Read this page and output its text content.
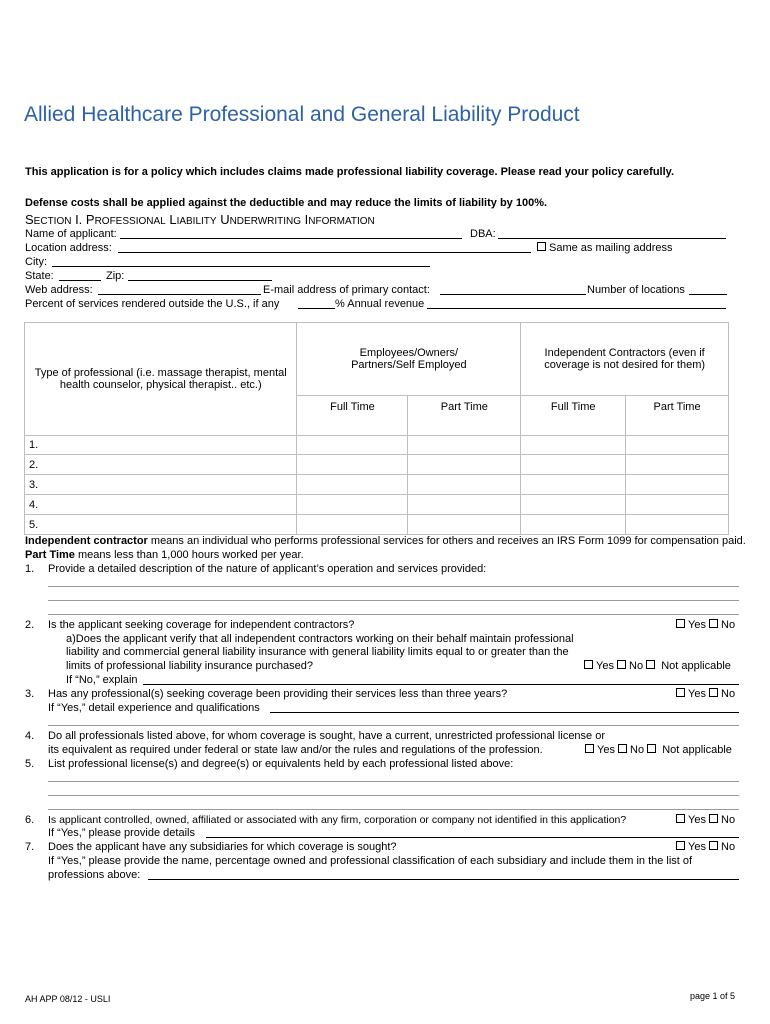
Allied Healthcare Professional and General Liability Product
This application is for a policy which includes claims made professional liability coverage. Please read your policy carefully.
Defense costs shall be applied against the deductible and may reduce the limits of liability by 100%.
SECTION I. PROFESSIONAL LIABILITY UNDERWRITING INFORMATION
Name of applicant:	DBA:
Location address:	Same as mailing address
City:
State:	Zip:
Web address:	E-mail address of primary contact:	Number of locations
Percent of services rendered outside the U.S., if any	% Annual revenue
Type of professional (i.e. massage therapist, mental health counselor, physical therapist.. etc.)	Employees/Owners/ Partners/Self Employed		Independent Contractors (even if coverage is not desired for them)	
	Full Time	Part Time	Full Time	Part Time
1.				
2.				
3.				
4.				
5.				
Independent contractor means an individual who performs professional services for others and receives an IRS Form 1099 for compensation paid.
Part Time means less than 1,000 hours worked per year.
1. Provide a detailed description of the nature of applicant’s operation and services provided:
2. Is the applicant seeking coverage for independent contractors?	Yes No
a)Does the applicant verify that all independent contractors working on their behalf maintain professional
liability and commercial general liability insurance with general liability limits equal to or greater than the
limits of professional liability insurance purchased?	Yes No Not applicable
If “No,” explain
3. Has any professional(s) seeking coverage been providing their services less than three years?	Yes No
If “Yes,” detail experience and qualifications
4. Do all professionals listed above, for whom coverage is sought, have a current, unrestricted professional license or
its equivalent as required under federal or state law and/or the rules and regulations of the profession.	Yes No Not applicable
5. List professional license(s) and degree(s) or equivalents held by each professional listed above:
6. Is applicant controlled, owned, affiliated or associated with any firm, corporation or company not identified in this application?	Yes No
If “Yes,” please provide details
7. Does the applicant have any subsidiaries for which coverage is sought?	Yes No
If “Yes,” please provide the name, percentage owned and professional classification of each subsidiary and include them in the list of
professions above:
AH APP 08/12 - USLI	page 1 of 5
